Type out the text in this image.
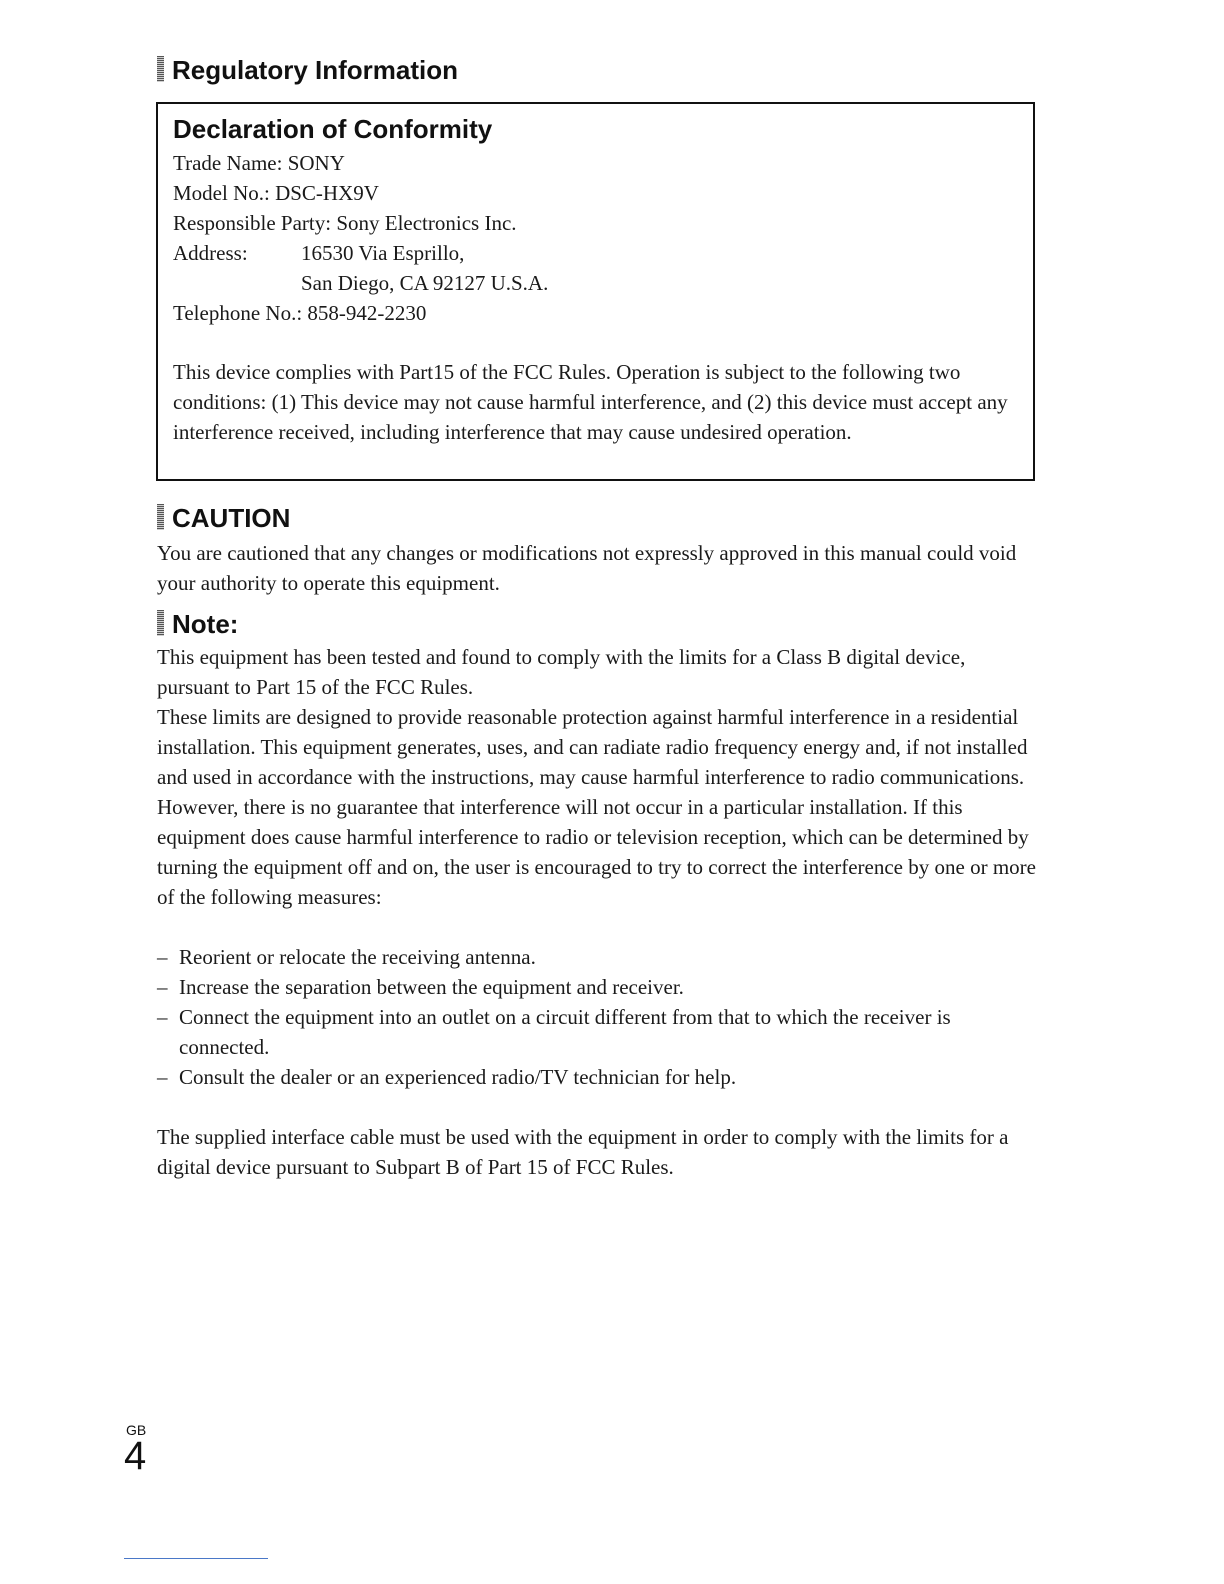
Regulatory Information
Declaration of Conformity
Trade Name: SONY
Model No.: DSC-HX9V
Responsible Party: Sony Electronics Inc.
Address:	16530 Via Esprillo,
San Diego, CA 92127 U.S.A.
Telephone No.: 858-942-2230

This device complies with Part15 of the FCC Rules. Operation is subject to the following two conditions: (1) This device may not cause harmful interference, and (2) this device must accept any interference received, including interference that may cause undesired operation.

CAUTION

You are cautioned that any changes or modifications not expressly approved in this manual could void your authority to operate this equipment.

Note:

This equipment has been tested and found to comply with the limits for a Class B digital device, pursuant to Part 15 of the FCC Rules.

These limits are designed to provide reasonable protection against harmful interference in a residential installation. This equipment generates, uses, and can radiate radio frequency energy and, if not installed and used in accordance with the instructions, may cause harmful interference to radio communications. However, there is no guarantee that interference will not occur in a particular installation. If this equipment does cause harmful interference to radio or television reception, which can be determined by turning the equipment off and on, the user is encouraged to try to correct the interference by one or more of the following measures:

– Reorient or relocate the receiving antenna.
– Increase the separation between the equipment and receiver.
– Connect the equipment into an outlet on a circuit different from that to which the receiver is connected.
– Consult the dealer or an experienced radio/TV technician for help.

The supplied interface cable must be used with the equipment in order to comply with the limits for a digital device pursuant to Subpart B of Part 15 of FCC Rules.

GB
4
